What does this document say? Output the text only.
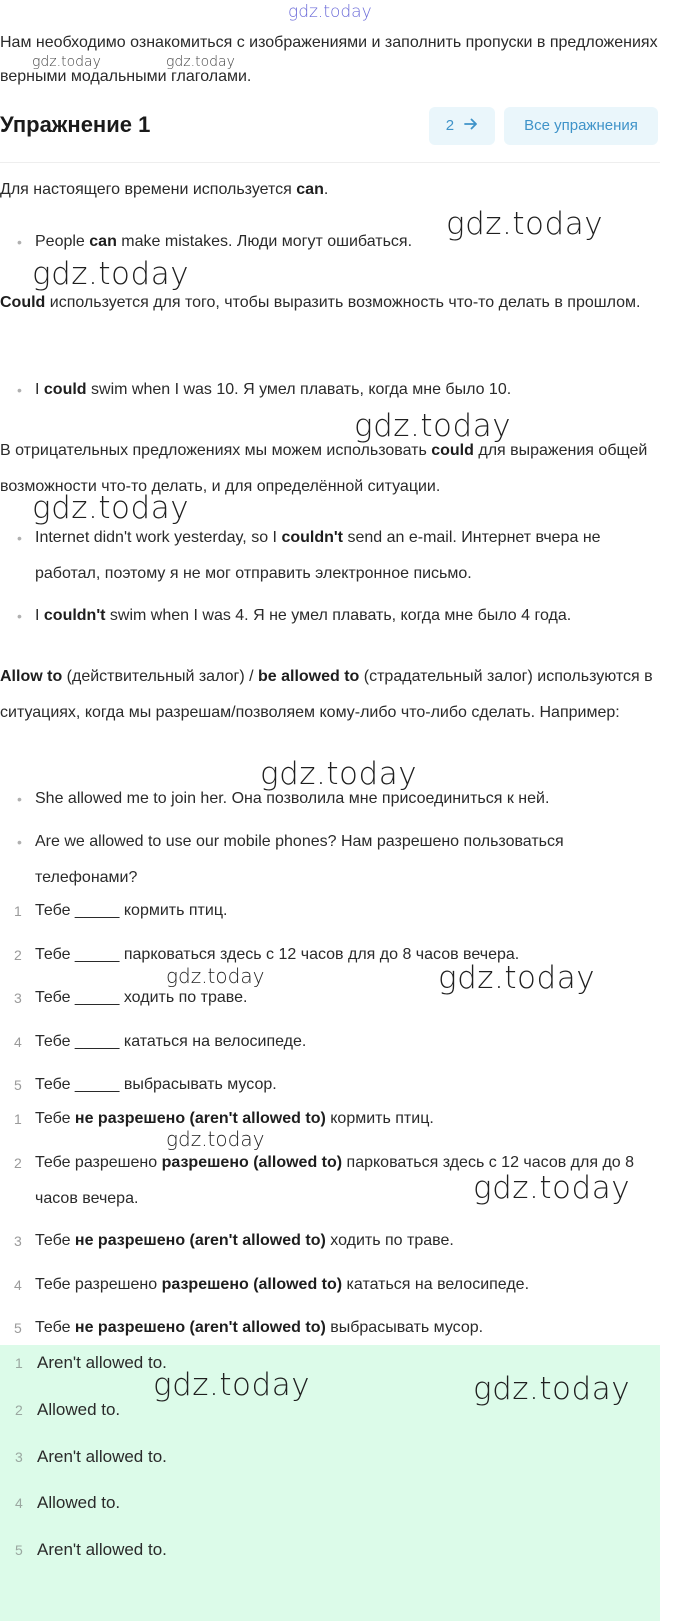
gdz.today
Нам необходимо ознакомиться с изображениями и заполнить пропуски в предложениях верными модальными глаголами.
gdz.today	gdz.today
Упражнение 1	2	Все упражнения
Для настоящего времени используется can.
• People can make mistakes. Люди могут ошибаться.	gdz.today
gdz.today
Could используется для того, чтобы выразить возможность что-то делать в прошлом.
• I could swim when I was 10. Я умел плавать, когда мне было 10.
gdz.today
В отрицательных предложениях мы можем использовать could для выражения общей возможности что-то делать, и для определённой ситуации.
gdz.today
• Internet didn't work yesterday, so I couldn't send an e-mail. Интернет вчера не работал, поэтому я не мог отправить электронное письмо.
• I couldn't swim when I was 4. Я не умел плавать, когда мне было 4 года.
Allow to (действительный залог) / be allowed to (страдательный залог) используются в ситуациях, когда мы разрешам/позволяем кому-либо что-либо сделать. Например:
gdz.today
• She allowed me to join her. Она позволила мне присоединиться к ней.
• Are we allowed to use our mobile phones? Нам разрешено пользоваться телефонами?
1 Тебе _____ кормить птиц.
2 Тебе _____ парковаться здесь с 12 часов для до 8 часов вечера.
gdz.today	gdz.today
3 Тебе _____ ходить по траве.
4 Тебе _____ кататься на велосипеде.
5 Тебе _____ выбрасывать мусор.
1 Тебе не разрешено (aren't allowed to) кормить птиц.
gdz.today
2 Тебе разрешено разрешено (allowed to) парковаться здесь с 12 часов для до 8 часов вечера.	gdz.today
3 Тебе не разрешено (aren't allowed to) ходить по траве.
4 Тебе разрешено разрешено (allowed to) кататься на велосипеде.
5 Тебе не разрешено (aren't allowed to) выбрасывать мусор.
1 Aren't allowed to.
2 Allowed to.
3 Aren't allowed to.
4 Allowed to.
5 Aren't allowed to.
gdz.today	gdz.today
